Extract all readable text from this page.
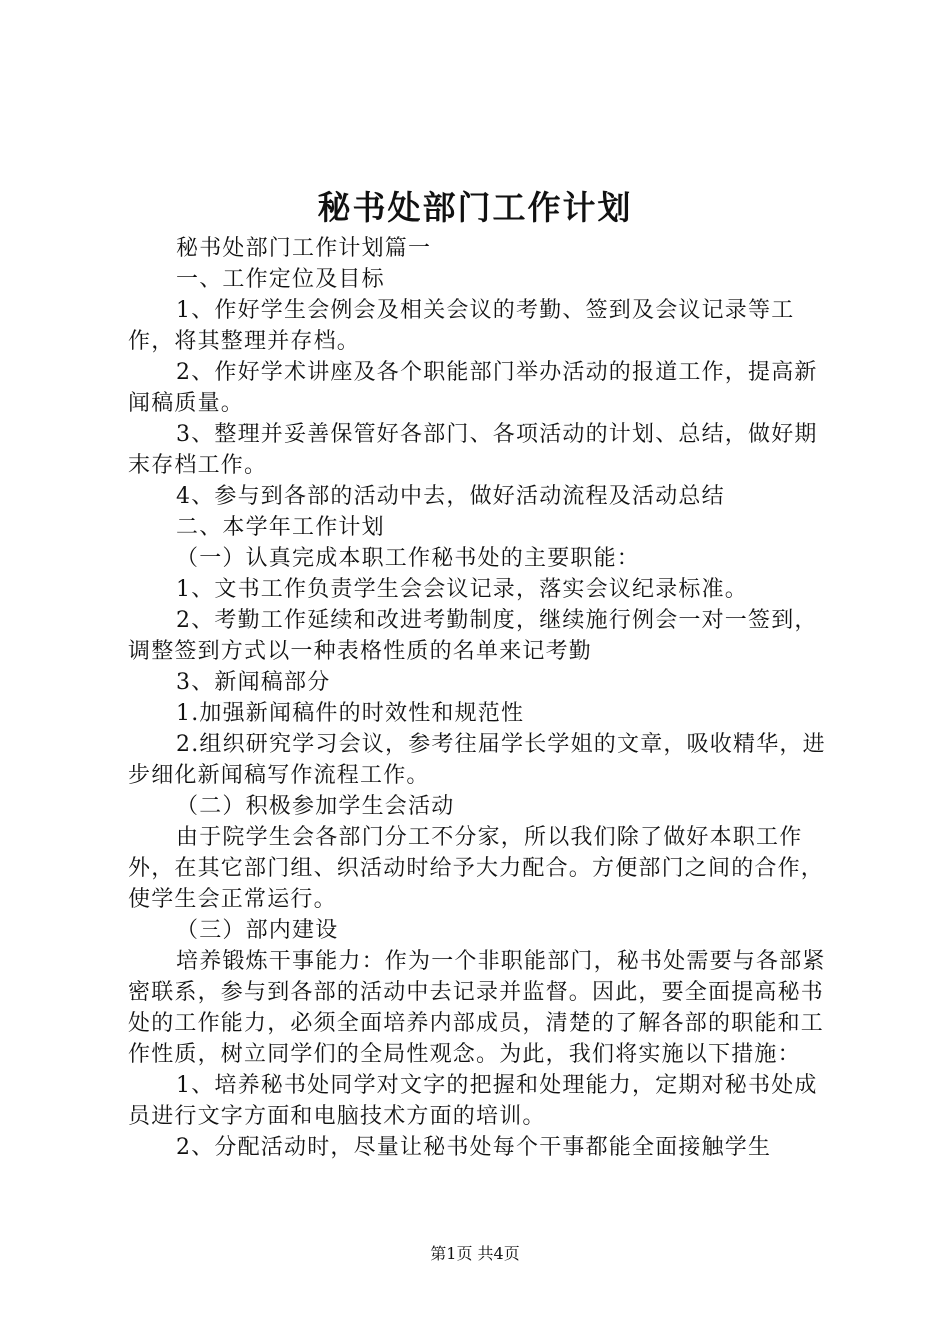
秘书处部门工作计划

秘书处部门工作计划篇一

一、工作定位及目标

1、作好学生会例会及相关会议的考勤、签到及会议记录等工作，将其整理并存档。

2、作好学术讲座及各个职能部门举办活动的报道工作，提高新闻稿质量。

3、整理并妥善保管好各部门、各项活动的计划、总结，做好期末存档工作。

4、参与到各部的活动中去，做好活动流程及活动总结

二、本学年工作计划

（一）认真完成本职工作秘书处的主要职能：

1、文书工作负责学生会会议记录，落实会议纪录标准。

2、考勤工作延续和改进考勤制度，继续施行例会一对一签到，调整签到方式以一种表格性质的名单来记考勤

3、新闻稿部分

1.加强新闻稿件的时效性和规范性

2.组织研究学习会议，参考往届学长学姐的文章，吸收精华，进步细化新闻稿写作流程工作。

（二）积极参加学生会活动

由于院学生会各部门分工不分家，所以我们除了做好本职工作外，在其它部门组、织活动时给予大力配合。方便部门之间的合作，使学生会正常运行。

（三）部内建设

培养锻炼干事能力：作为一个非职能部门，秘书处需要与各部紧密联系，参与到各部的活动中去记录并监督。因此，要全面提高秘书处的工作能力，必须全面培养内部成员，清楚的了解各部的职能和工作性质，树立同学们的全局性观念。为此，我们将实施以下措施：

1、培养秘书处同学对文字的把握和处理能力，定期对秘书处成员进行文字方面和电脑技术方面的培训。

2、分配活动时，尽量让秘书处每个干事都能全面接触学生

第1页 共4页
